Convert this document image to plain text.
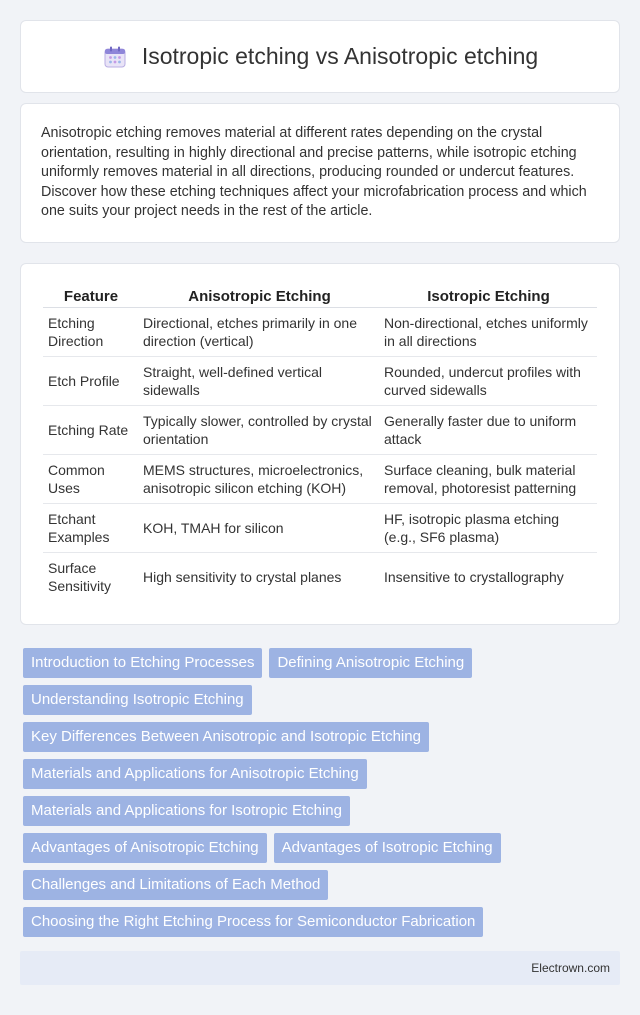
Isotropic etching vs Anisotropic etching

Anisotropic etching removes material at different rates depending on the crystal orientation, resulting in highly directional and precise patterns, while isotropic etching uniformly removes material in all directions, producing rounded or undercut features. Discover how these etching techniques affect your microfabrication process and which one suits your project needs in the rest of the article.

Feature	Anisotropic Etching	Isotropic Etching
Etching Direction	Directional, etches primarily in one direction (vertical)	Non-directional, etches uniformly in all directions
Etch Profile	Straight, well-defined vertical sidewalls	Rounded, undercut profiles with curved sidewalls
Etching Rate	Typically slower, controlled by crystal orientation	Generally faster due to uniform attack
Common Uses	MEMS structures, microelectronics, anisotropic silicon etching (KOH)	Surface cleaning, bulk material removal, photoresist patterning
Etchant Examples	KOH, TMAH for silicon	HF, isotropic plasma etching (e.g., SF6 plasma)
Surface Sensitivity	High sensitivity to crystal planes	Insensitive to crystallography
Introduction to Etching Processes	Defining Anisotropic Etching
Understanding Isotropic Etching
Key Differences Between Anisotropic and Isotropic Etching
Materials and Applications for Anisotropic Etching
Materials and Applications for Isotropic Etching
Advantages of Anisotropic Etching	Advantages of Isotropic Etching
Challenges and Limitations of Each Method
Choosing the Right Etching Process for Semiconductor Fabrication
Electrown.com
